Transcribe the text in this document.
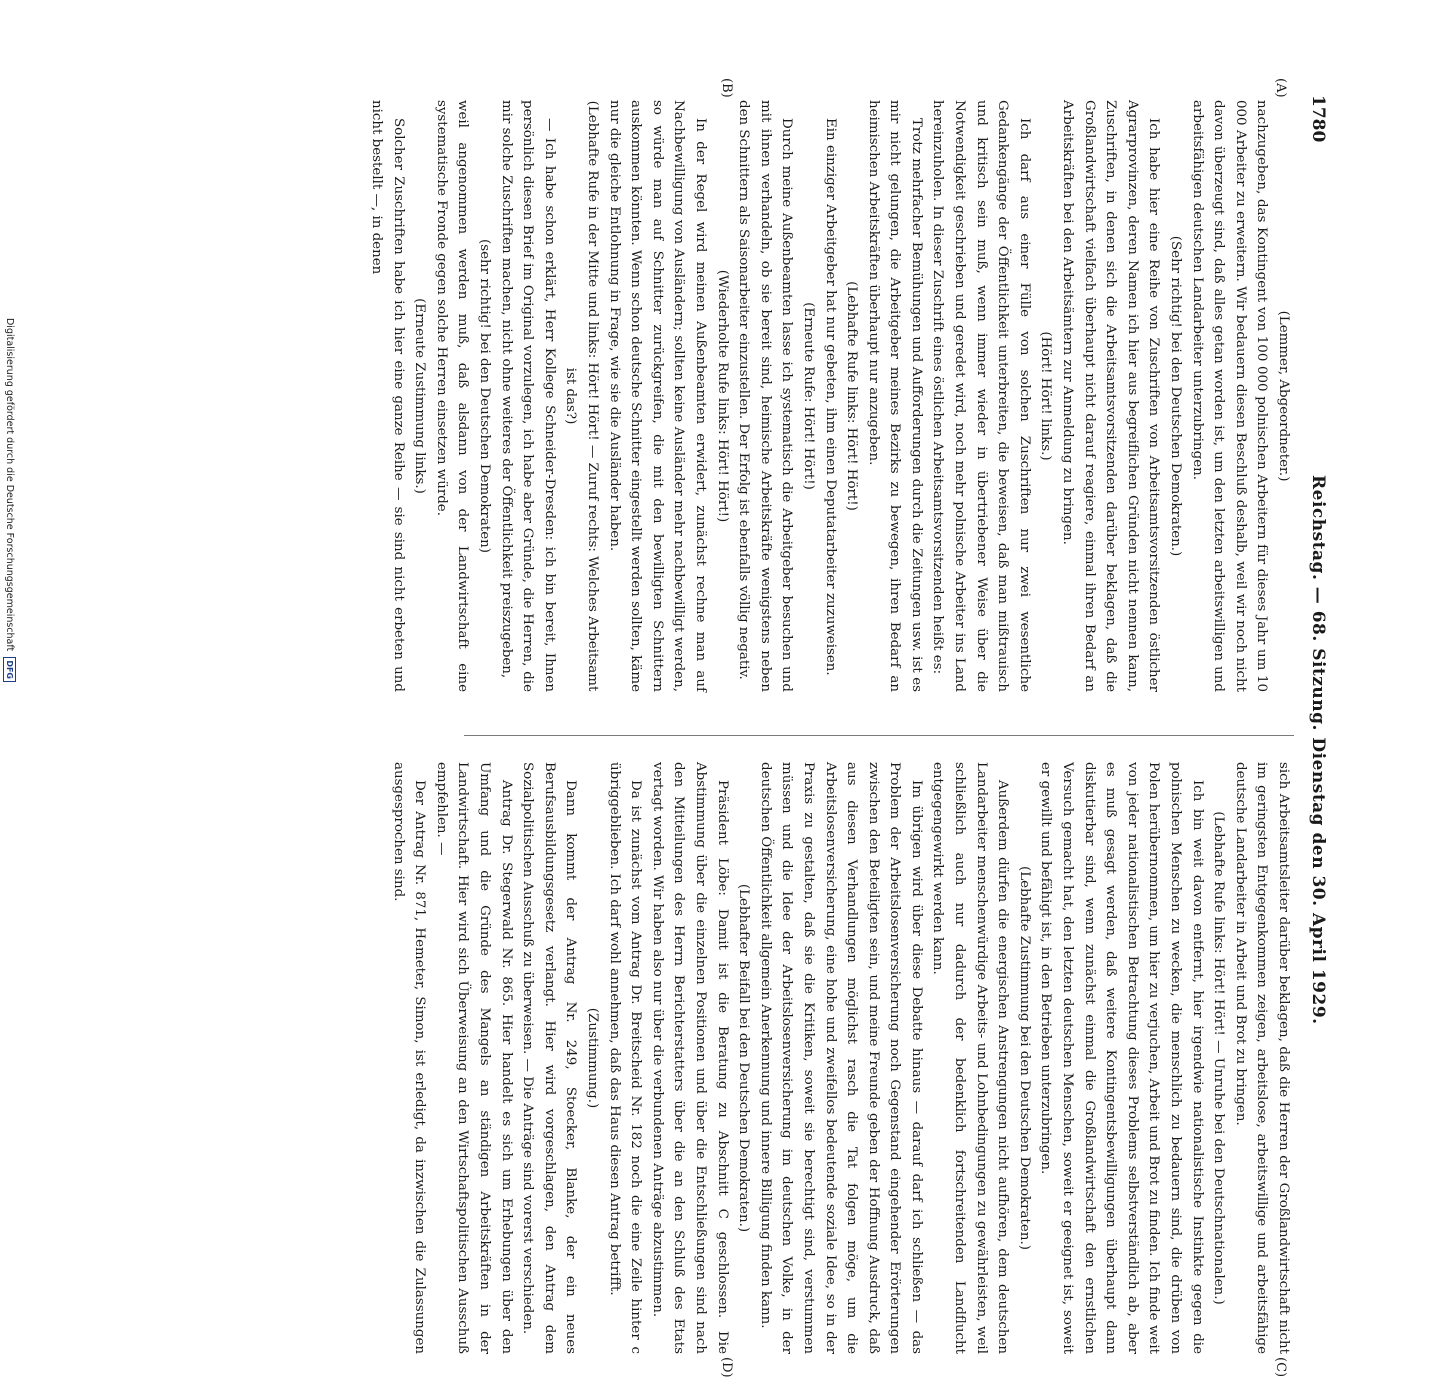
1780
Reichstag. — 68. Sitzung. Dienstag den 30. April 1929.
(A)
(B)
(C)
(D)

(Lemmer, Abgeordneter.)

nachzugeben, das Kontingent von 100 000 polnischen Arbeitern für dieses Jahr um 10 000 Arbeiter zu erweitern. Wir bedauern diesen Beschluß deshalb, weil wir noch nicht davon überzeugt sind, daß alles getan worden ist, um den letzten arbeitswilligen und arbeitsfähigen deutschen Landarbeiter unterzubringen.

(Sehr richtig! bei den Deutschen Demokraten.)

Ich habe hier eine Reihe von Zuschriften von Arbeitsamtsvorsitzenden östlicher Agrarprovinzen, deren Namen ich hier aus begreiflichen Gründen nicht nennen kann, Zuschriften, in denen sich die Arbeitsamtsvorsitzenden darüber beklagen, daß die Großlandwirtschaft vielfach überhaupt nicht darauf reagiere, einmal ihren Bedarf an Arbeitskräften bei den Arbeitsämtern zur Anmeldung zu bringen.

(Hört! Hört! links.)

Ich darf aus einer Fülle von solchen Zuschriften nur zwei wesentliche Gedankengänge der Öffentlichkeit unterbreiten, die beweisen, daß man mißtrauisch und kritisch sein muß, wenn immer wieder in übertriebener Weise über die Notwendigkeit geschrieben und geredet wird, noch mehr polnische Arbeiter ins Land hereinzuholen. In dieser Zuschrift eines östlichen Arbeitsamtsvorsitzenden heißt es:

Trotz mehrfacher Bemühungen und Aufforderungen durch die Zeitungen usw. ist es mir nicht gelungen, die Arbeitgeber meines Bezirks zu bewegen, ihren Bedarf an heimischen Arbeitskräften überhaupt nur anzugeben.

(Lebhafte Rufe links: Hört! Hört!)

Ein einziger Arbeitgeber hat nur gebeten, ihm einen Deputatarbeiter zuzuweisen.

(Erneute Rufe: Hört! Hört!)

Durch meine Außenbeamten lasse ich systematisch die Arbeitgeber besuchen und mit ihnen verhandeln, ob sie bereit sind, heimische Arbeitskräfte wenigstens neben den Schnittern als Saisonarbeiter einzustellen. Der Erfolg ist ebenfalls völlig negativ.

(Wiederholte Rufe links: Hört! Hört!)

In der Regel wird meinen Außenbeamten erwidert, zunächst rechne man auf Nachbewilligung von Ausländern; sollten keine Ausländer mehr nachbewilligt werden, so würde man auf Schnitter zurückgreifen, die mit den bewilligten Schnittern auskommen könnten. Wenn schon deutsche Schnitter eingestellt werden sollten, käme nur die gleiche Entlohnung in Frage, wie sie die Ausländer haben.

(Lebhafte Rufe in der Mitte und links: Hört! Hört! — Zuruf rechts: Welches Arbeitsamt ist das?)

— Ich habe schon erklärt, Herr Kollege Schneider-Dresden: ich bin bereit, Ihnen persönlich diesen Brief im Original vorzulegen, ich habe aber Gründe, die Herren, die mir solche Zuschriften machen, nicht ohne weiteres der Öffentlichkeit preiszugeben,

(sehr richtig! bei den Deutschen Demokraten)

weil angenommen werden muß, daß alsdann von der Landwirtschaft eine systematische Fronde gegen solche Herren einsetzen würde.

(Erneute Zustimmung links.)

Solcher Zuschriften habe ich hier eine ganze Reihe — sie sind nicht erbeten und nicht bestellt —, in denen

sich Arbeitsamtsleiter darüber beklagen, daß die Herren der Großlandwirtschaft nicht im geringsten Entgegenkommen zeigen, arbeitslose, arbeitswillige und arbeitsfähige deutsche Landarbeiter in Arbeit und Brot zu bringen.

(Lebhafte Rufe links: Hört! Hört! — Unruhe bei den Deutschnationalen.)

Ich bin weit davon entfernt, hier irgendwie nationalistische Instinkte gegen die polnischen Menschen zu wecken, die menschlich zu bedauern sind, die drüben von Polen herübernommen, um hier zu verjuchen, Arbeit und Brot zu finden. Ich finde weit von jeder nationalistischen Betrachtung dieses Problems selbstverständlich ab, aber es muß gesagt werden, daß weitere Kontingentsbewilligungen überhaupt dann diskutierbar sind, wenn zunächst einmal die Großlandwirtschaft den ernstlichen Versuch gemacht hat, den letzten deutschen Menschen, soweit er geeignet ist, soweit er gewillt und befähigt ist, in den Betrieben unterzubringen.

(Lebhafte Zustimmung bei den Deutschen Demokraten.)

Außerdem dürfen die energischen Anstrengungen nicht aufhören, dem deutschen Landarbeiter menschenwürdige Arbeits- und Lohnbedingungen zu gewährleisten, weil schließlich auch nur dadurch der bedenklich fortschreitenden Landflucht entgegengewirkt werden kann.

Im übrigen wird über diese Debatte hinaus — darauf darf ich schließen — das Problem der Arbeitslosenversicherung noch Gegenstand eingehender Erörterungen zwischen den Beteiligten sein, und meine Freunde geben der Hoffnung Ausdruck, daß aus diesen Verhandlungen möglichst rasch die Tat folgen möge, um die Arbeitslosenversicherung, eine hohe und zweifellos bedeutende soziale Idee, so in der Praxis zu gestalten, daß sie die Kritiken, soweit sie berechtigt sind, verstummen müssen und die Idee der Arbeitslosenversicherung im deutschen Volke, in der deutschen Öffentlichkeit allgemein Anerkennung und innere Billigung finden kann.

(Lebhafter Beifall bei den Deutschen Demokraten.)

Präsident Löbe: Damit ist die Beratung zu Abschnitt C geschlossen. Die Abstimmung über die einzelnen Positionen und über die Entschließungen sind nach den Mitteilungen des Herrn Berichterstatters über die an den Schluß des Etats vertagt worden. Wir haben also nur über die verbundenen Anträge abzustimmen.

Da ist zunächst vom Antrag Dr. Breitscheid Nr. 182 noch die eine Zeile hinter c übriggeblieben. Ich darf wohl annehmen, daß das Haus diesen Antrag betrifft.

(Zustimmung.)

Dann kommt der Antrag Nr. 249, Stoecker, Blanke, der ein neues Berufsausbildungsgesetz verlangt. Hier wird vorgeschlagen, den Antrag dem Sozialpolitischen Ausschuß zu überweisen. — Die Anträge sind vorerst verschieden.

Antrag Dr. Stegerwald Nr. 865. Hier handelt es sich um Erhebungen über den Umfang und die Gründe des Mangels an ständigen Arbeitskräften in der Landwirtschaft. Hier wird sich Überweisung an den Wirtschaftspolitischen Ausschuß empfehlen. —

Der Antrag Nr. 871, Hemeter, Simon, ist erledigt, da inzwischen die Zulassungen ausgesprochen sind.

Digitalisierung gefördert durch die Deutsche Forschungsgemeinschaft DFG
